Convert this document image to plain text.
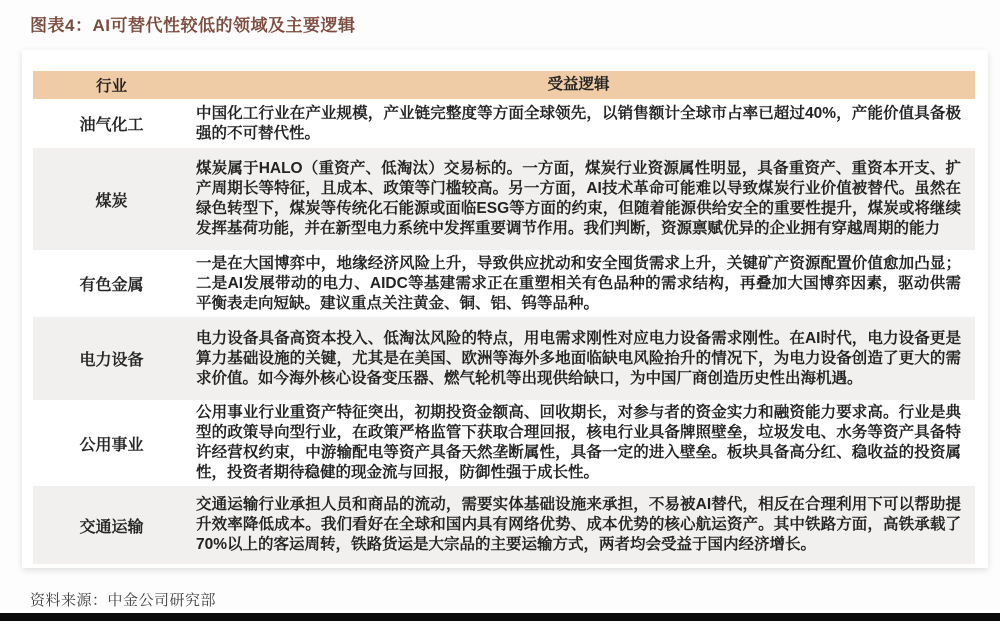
图表4：AI可替代性较低的领域及主要逻辑
行业	受益逻辑
油气化工
中国化工行业在产业规模，产业链完整度等方面全球领先，以销售额计全球市占率已超过40%，产能价值具备极强的不可替代性。
煤炭
煤炭属于HALO（重资产、低淘汰）交易标的。一方面，煤炭行业资源属性明显，具备重资产、重资本开支、扩产周期长等特征，且成本、政策等门槛较高。另一方面，AI技术革命可能难以导致煤炭行业价值被替代。虽然在绿色转型下，煤炭等传统化石能源或面临ESG等方面的约束，但随着能源供给安全的重要性提升，煤炭或将继续发挥基荷功能，并在新型电力系统中发挥重要调节作用。我们判断，资源禀赋优异的企业拥有穿越周期的能力
有色金属
一是在大国博弈中，地缘经济风险上升，导致供应扰动和安全囤货需求上升，关键矿产资源配置价值愈加凸显；二是AI发展带动的电力、AIDC等基建需求正在重塑相关有色品种的需求结构，再叠加大国博弈因素，驱动供需平衡表走向短缺。建议重点关注黄金、铜、铝、钨等品种。
电力设备
电力设备具备高资本投入、低淘汰风险的特点，用电需求刚性对应电力设备需求刚性。在AI时代，电力设备更是算力基础设施的关键，尤其是在美国、欧洲等海外多地面临缺电风险抬升的情况下，为电力设备创造了更大的需求价值。如今海外核心设备变压器、燃气轮机等出现供给缺口，为中国厂商创造历史性出海机遇。
公用事业
公用事业行业重资产特征突出，初期投资金额高、回收期长，对参与者的资金实力和融资能力要求高。行业是典型的政策导向型行业，在政策严格监管下获取合理回报，核电行业具备牌照壁垒，垃圾发电、水务等资产具备特许经营权约束，中游输配电等资产具备天然垄断属性，具备一定的进入壁垒。板块具备高分红、稳收益的投资属性，投资者期待稳健的现金流与回报，防御性强于成长性。
交通运输
交通运输行业承担人员和商品的流动，需要实体基础设施来承担，不易被AI替代，相反在合理利用下可以帮助提升效率降低成本。我们看好在全球和国内具有网络优势、成本优势的核心航运资产。其中铁路方面，高铁承载了70%以上的客运周转，铁路货运是大宗品的主要运输方式，两者均会受益于国内经济增长。
资料来源：中金公司研究部
